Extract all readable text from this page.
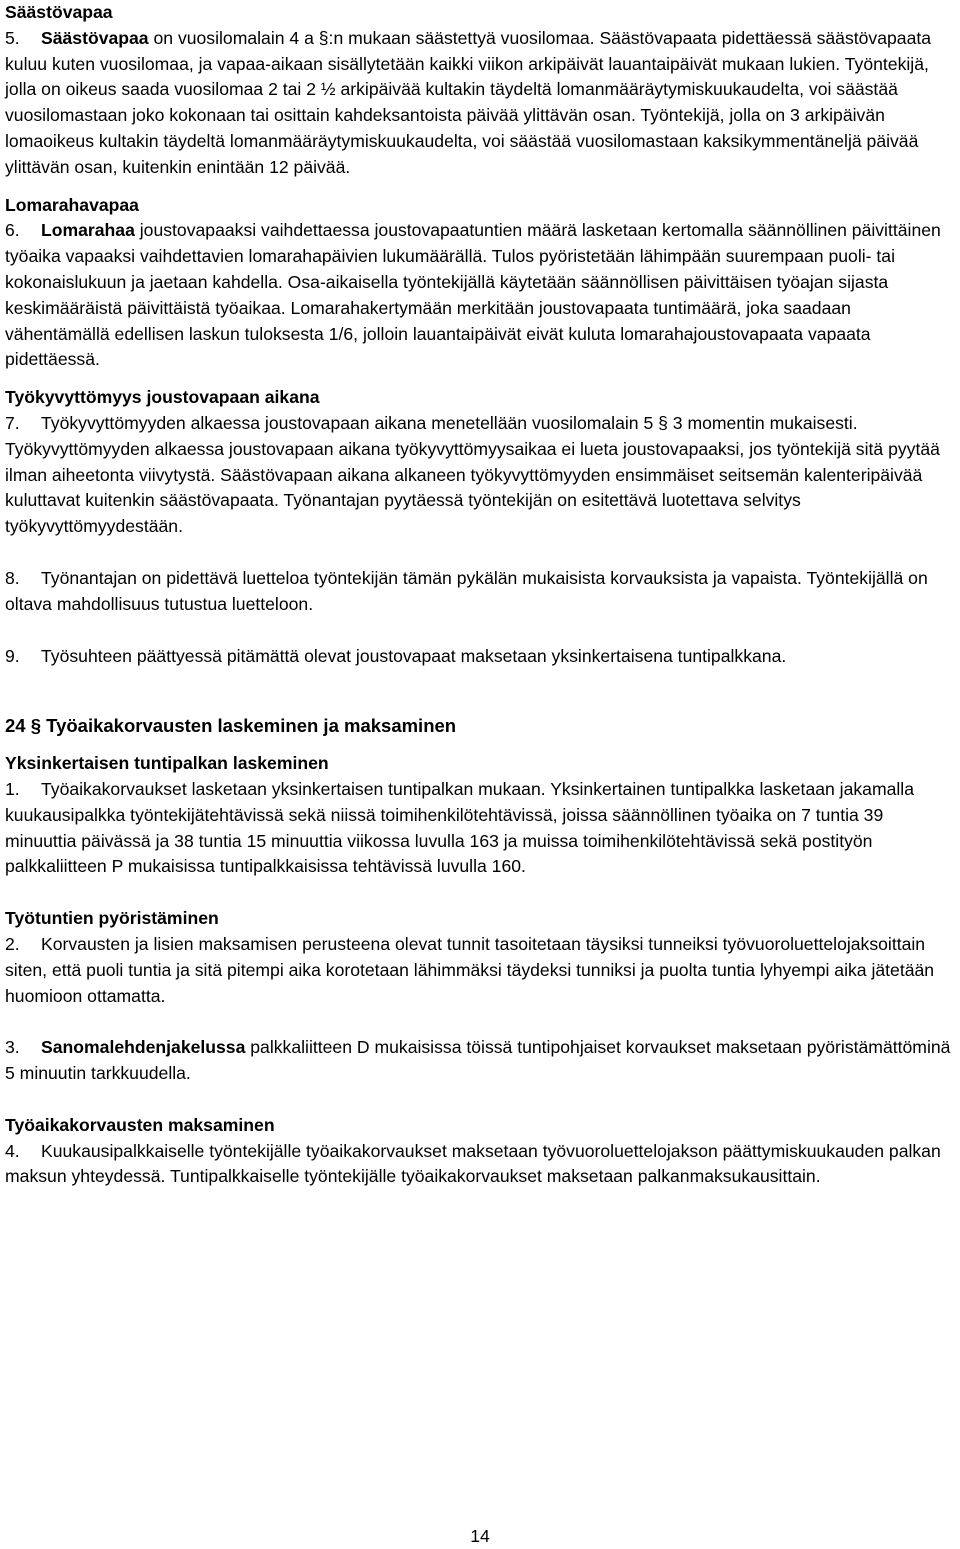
Säästövapaa

5. Säästövapaa on vuosilomalain 4 a §:n mukaan säästettyä vuosilomaa. Säästövapaata pidettäessä säästövapaata kuluu kuten vuosilomaa, ja vapaa-aikaan sisällytetään kaikki viikon arkipäivät lauantaipäivät mukaan lukien. Työntekijä, jolla on oikeus saada vuosilomaa 2 tai 2 ½ arkipäivää kultakin täydeltä lomanmääräytymiskuukaudelta, voi säästää vuosilomastaan joko kokonaan tai osittain kahdeksantoista päivää ylittävän osan. Työntekijä, jolla on 3 arkipäivän lomaoikeus kultakin täydeltä lomanmääräytymiskuukaudelta, voi säästää vuosilomastaan kaksikymmentäneljä päivää ylittävän osan, kuitenkin enintään 12 päivää.

Lomarahavapaa

6. Lomarahaa joustovapaaksi vaihdettaessa joustovapaatuntien määrä lasketaan kertomalla säännöllinen päivittäinen työaika vapaaksi vaihdettavien lomarahapäivien lukumäärällä. Tulos pyöristetään lähimpään suurempaan puoli- tai kokonaislukuun ja jaetaan kahdella. Osa-aikaisella työntekijällä käytetään säännöllisen päivittäisen työajan sijasta keskimääräistä päivittäistä työaikaa. Lomarahakertymään merkitään joustovapaata tuntimäärä, joka saadaan vähentämällä edellisen laskun tuloksesta 1/6, jolloin lauantaipäivät eivät kuluta lomarahajoustovapaata vapaata pidettäessä.

Työkyvyttömyys joustovapaan aikana

7. Työkyvyttömyyden alkaessa joustovapaan aikana menetellään vuosilomalain 5 § 3 momentin mukaisesti. Työkyvyttömyyden alkaessa joustovapaan aikana työkyvyttömyysaikaa ei lueta joustovapaaksi, jos työntekijä sitä pyytää ilman aiheetonta viivytystä. Säästövapaan aikana alkaneen työkyvyttömyyden ensimmäiset seitsemän kalenteripäivää kuluttavat kuitenkin säästövapaata. Työnantajan pyytäessä työntekijän on esitettävä luotettava selvitys työkyvyttömyydestään.

8. Työnantajan on pidettävä luetteloa työntekijän tämän pykälän mukaisista korvauksista ja vapaista. Työntekijällä on oltava mahdollisuus tutustua luetteloon.

9. Työsuhteen päättyessä pitämättä olevat joustovapaat maksetaan yksinkertaisena tuntipalkkana.

24 § Työaikakorvausten laskeminen ja maksaminen

Yksinkertaisen tuntipalkan laskeminen

1. Työaikakorvaukset lasketaan yksinkertaisen tuntipalkan mukaan. Yksinkertainen tuntipalkka lasketaan jakamalla kuukausipalkka työntekijätehtävissä sekä niissä toimihenkilötehtävissä, joissa säännöllinen työaika on 7 tuntia 39 minuuttia päivässä ja 38 tuntia 15 minuuttia viikossa luvulla 163 ja muissa toimihenkilötehtävissä sekä postityön palkkaliitteen P mukaisissa tuntipalkkaisissa tehtävissä luvulla 160.

Työtuntien pyöristäminen

2. Korvausten ja lisien maksamisen perusteena olevat tunnit tasoitetaan täysiksi tunneiksi työvuoroluettelojaksoittain siten, että puoli tuntia ja sitä pitempi aika korotetaan lähimmäksi täydeksi tunniksi ja puolta tuntia lyhyempi aika jätetään huomioon ottamatta.

3. Sanomalehdenjakelussa palkkaliitteen D mukaisissa töissä tuntipohjaiset korvaukset maksetaan pyöristämättöminä 5 minuutin tarkkuudella.

Työaikakorvausten maksaminen

4. Kuukausipalkkaiselle työntekijälle työaikakorvaukset maksetaan työvuoroluettelojakson päättymiskuukauden palkan maksun yhteydessä. Tuntipalkkaiselle työntekijälle työaikakorvaukset maksetaan palkanmaksukausittain.

14
